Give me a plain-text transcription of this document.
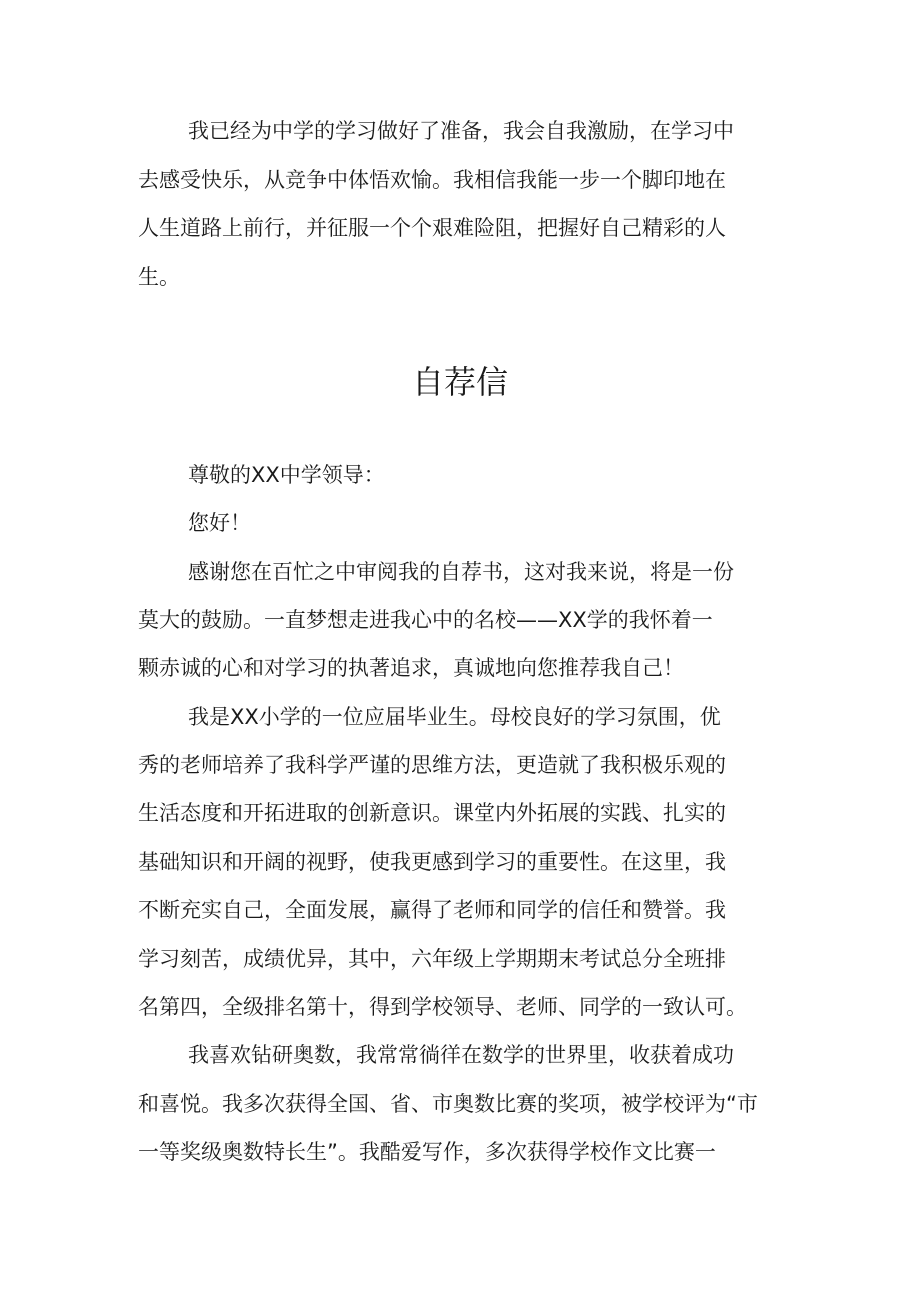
我已经为中学的学习做好了准备，我会自我激励，在学习中
去感受快乐，从竞争中体悟欢愉。我相信我能一步一个脚印地在
人生道路上前行，并征服一个个艰难险阻，把握好自己精彩的人
生。
自荐信
尊敬的XX中学领导：
您好！
感谢您在百忙之中审阅我的自荐书，这对我来说，将是一份
莫大的鼓励。一直梦想走进我心中的名校——XX学的我怀着一
颗赤诚的心和对学习的执著追求，真诚地向您推荐我自己！
我是XX小学的一位应届毕业生。母校良好的学习氛围，优
秀的老师培养了我科学严谨的思维方法，更造就了我积极乐观的
生活态度和开拓进取的创新意识。课堂内外拓展的实践、扎实的
基础知识和开阔的视野，使我更感到学习的重要性。在这里，我
不断充实自己，全面发展，赢得了老师和同学的信任和赞誉。我
学习刻苦，成绩优异，其中，六年级上学期期末考试总分全班排
名第四，全级排名第十，得到学校领导、老师、同学的一致认可。
我喜欢钻研奥数，我常常徜徉在数学的世界里，收获着成功
和喜悦。我多次获得全国、省、市奥数比赛的奖项，被学校评为“市
一等奖级奥数特长生”。我酷爱写作，多次获得学校作文比赛一
